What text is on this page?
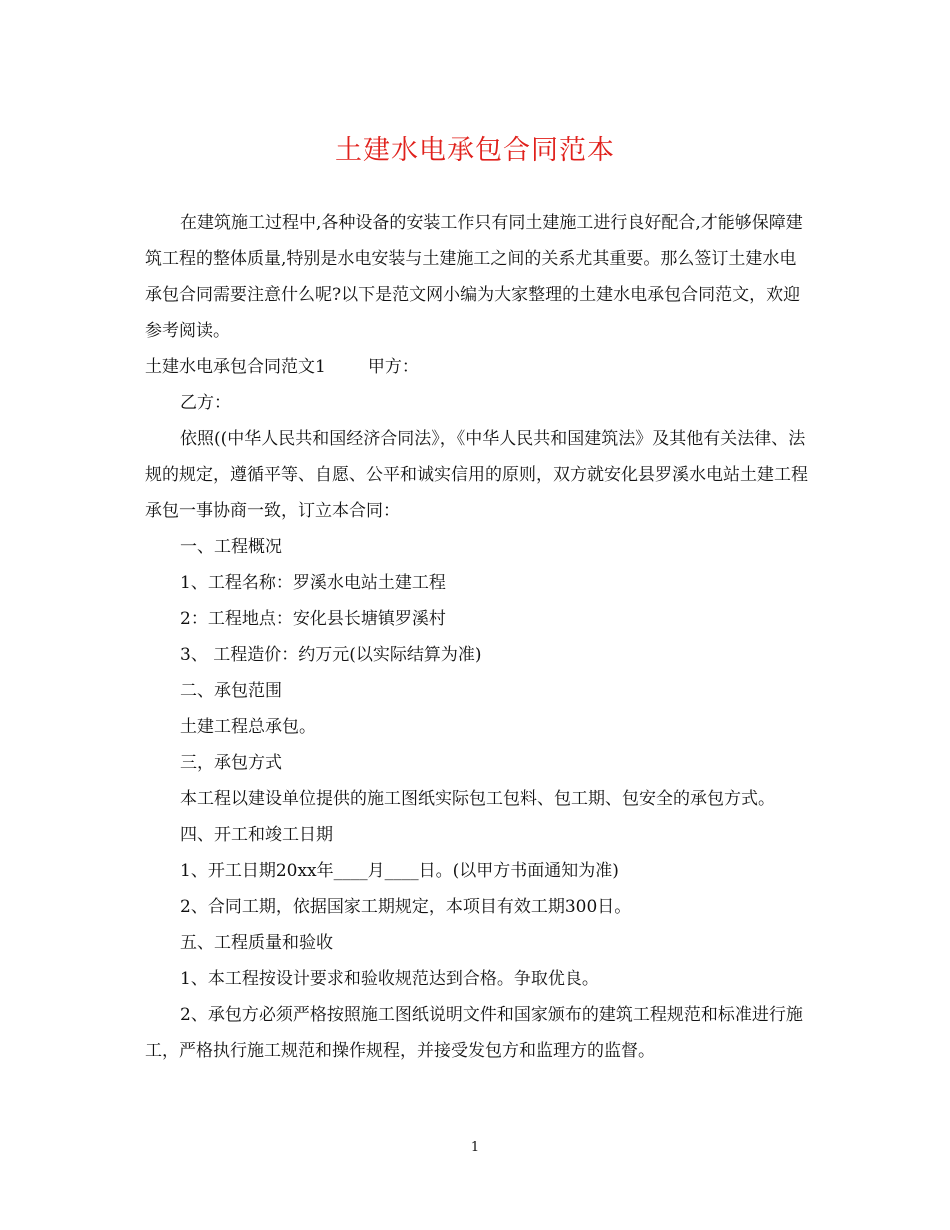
土建水电承包合同范本

在建筑施工过程中,各种设备的安装工作只有同土建施工进行良好配合,才能够保障建筑工程的整体质量,特别是水电安装与土建施工之间的关系尤其重要。那么签订土建水电承包合同需要注意什么呢?以下是范文网小编为大家整理的土建水电承包合同范文，欢迎参考阅读。

土建水电承包合同范文1 甲方：

乙方：

依照((中华人民共和国经济合同法》，《中华人民共和国建筑法》及其他有关法律、法规的规定，遵循平等、自愿、公平和诚实信用的原则，双方就安化县罗溪水电站土建工程承包一事协商一致，订立本合同：

一、工程概况

1、工程名称：罗溪水电站土建工程

2：工程地点：安化县长塘镇罗溪村

3、 工程造价：约万元(以实际结算为准)

二、承包范围

土建工程总承包。

三，承包方式

本工程以建设单位提供的施工图纸实际包工包料、包工期、包安全的承包方式。

四、开工和竣工日期

1、开工日期20xx年____月____日。(以甲方书面通知为准)

2、合同工期，依据国家工期规定，本项目有效工期300日。

五、工程质量和验收

1、本工程按设计要求和验收规范达到合格。争取优良。

2、承包方必须严格按照施工图纸说明文件和国家颁布的建筑工程规范和标准进行施工，严格执行施工规范和操作规程，并接受发包方和监理方的监督。

1
